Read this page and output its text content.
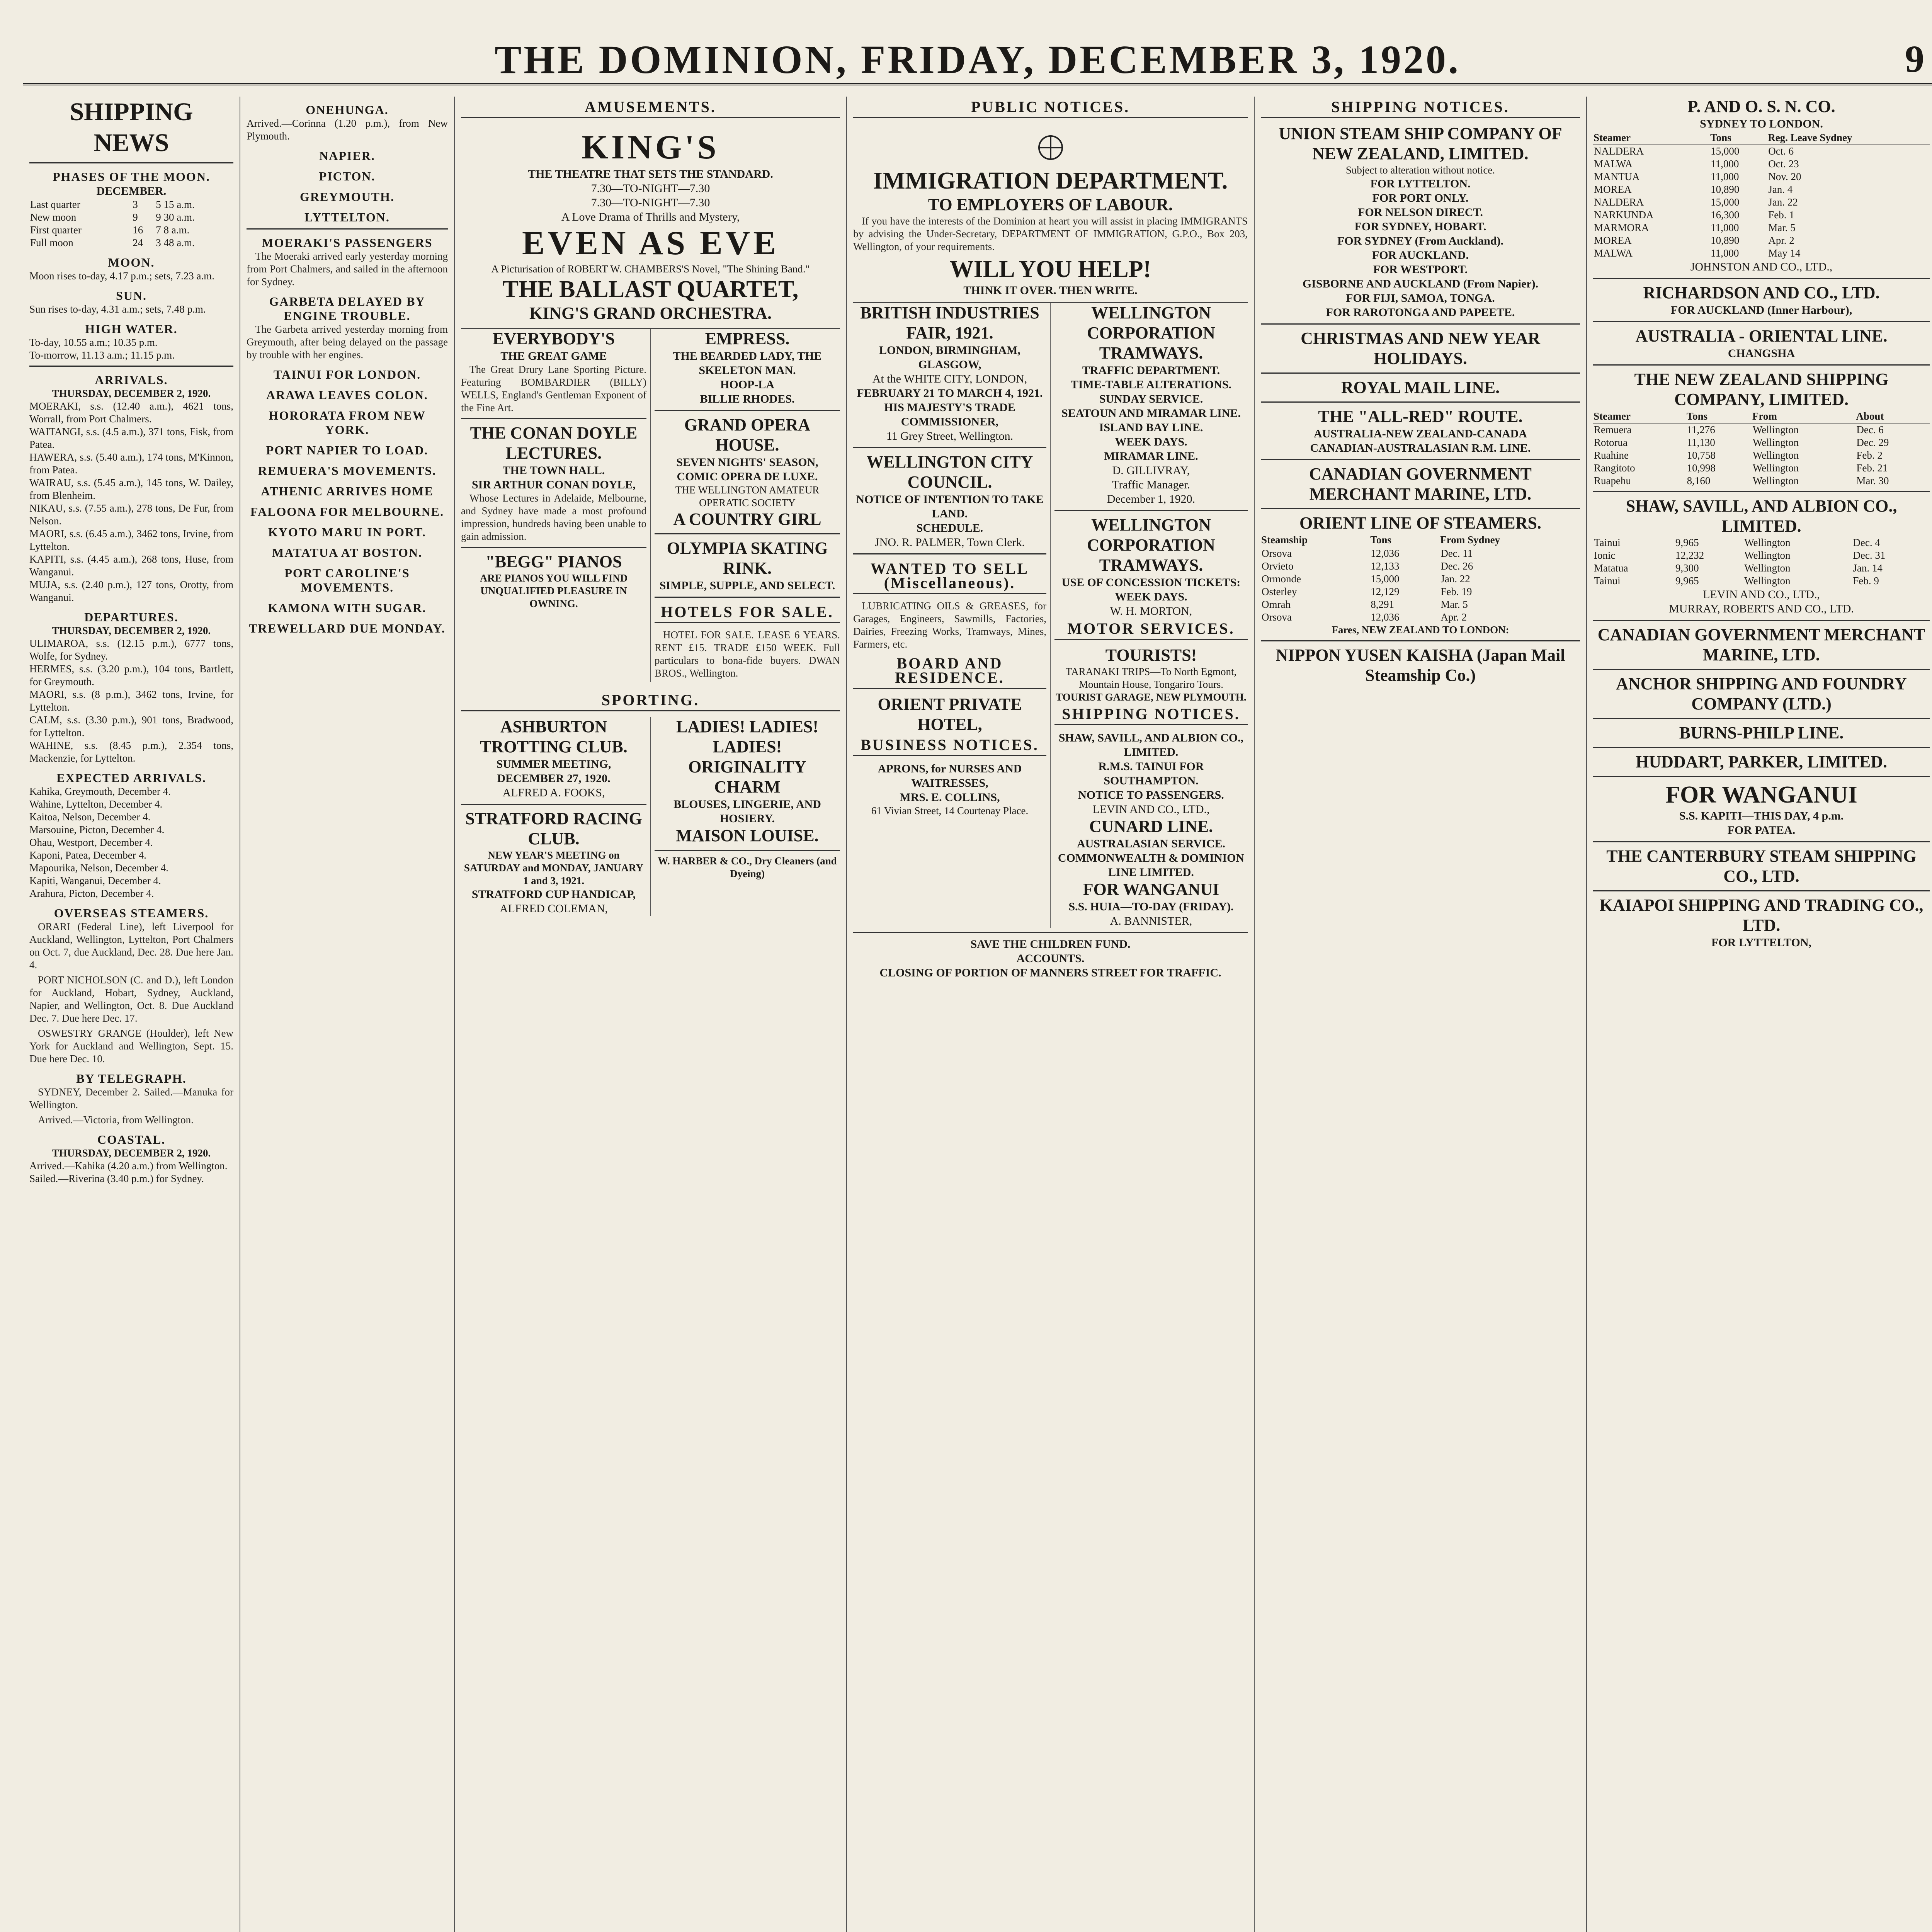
THE DOMINION, FRIDAY, DECEMBER 3, 1920.	9
SHIPPING NEWS
PHASES OF THE MOON.
DECEMBER.
Last quarter	3	5 15 a.m.
New moon	9	9 30 a.m.
First quarter	16	7 8 a.m.
Full moon	24	3 48 a.m.
MOON.
Moon rises to-day, 4.17 p.m.; sets, 7.23 a.m.
SUN.
Sun rises to-day, 4.31 a.m.; sets, 7.48 p.m.
HIGH WATER.
To-day, 10.55 a.m.; 10.35 p.m.
To-morrow, 11.13 a.m.; 11.15 p.m.
ARRIVALS.
THURSDAY, DECEMBER 2, 1920.
MOERAKI, s.s. (12.40 a.m.), 4621 tons, Worrall, from Port Chalmers.
WAITANGI, s.s. (4.5 a.m.), 371 tons, Fisk, from Patea.
HAWERA, s.s. (5.40 a.m.), 174 tons, M'Kinnon, from Patea.
WAIRAU, s.s. (5.45 a.m.), 145 tons, W. Dailey, from Blenheim.
NIKAU, s.s. (7.55 a.m.), 278 tons, De Fur, from Nelson.
MAORI, s.s. (6.45 a.m.), 3462 tons, Irvine, from Lyttelton.
KAPITI, s.s. (4.45 a.m.), 268 tons, Huse, from Wanganui.
MUJA, s.s. (2.40 p.m.), 127 tons, Orotty, from Wanganui.
DEPARTURES.
THURSDAY, DECEMBER 2, 1920.
ULIMAROA, s.s. (12.15 p.m.), 6777 tons, Wolfe, for Sydney.
HERMES, s.s. (3.20 p.m.), 104 tons, Bartlett, for Greymouth.
MAORI, s.s. (8 p.m.), 3462 tons, Irvine, for Lyttelton.
CALM, s.s. (3.30 p.m.), 901 tons, Bradwood, for Lyttelton.
WAHINE, s.s. (8.45 p.m.), 2.354 tons, Mackenzie, for Lyttelton.
EXPECTED ARRIVALS.
Kahika, Greymouth, December 4.
Wahine, Lyttelton, December 4.
Kaitoa, Nelson, December 4.
Marsouine, Picton, December 4.
Ohau, Westport, December 4.
Kaponi, Patea, December 4.
Mapourika, Nelson, December 4.
Kapiti, Wanganui, December 4.
Arahura, Picton, December 4.
OVERSEAS STEAMERS.

ORARI (Federal Line), left Liverpool for Auckland, Wellington, Lyttelton, Port Chalmers on Oct. 7, due Auckland, Dec. 28. Due here Jan. 4.

PORT NICHOLSON (C. and D.), left London for Auckland, Hobart, Sydney, Auckland, Napier, and Wellington, Oct. 8. Due Auckland Dec. 7. Due here Dec. 17.

OSWESTRY GRANGE (Houlder), left New York for Auckland and Wellington, Sept. 15. Due here Dec. 10.

BY TELEGRAPH.

SYDNEY, December 2. Sailed.—Manuka for Wellington.

Arrived.—Victoria, from Wellington.

COASTAL.
THURSDAY, DECEMBER 2, 1920.
Arrived.—Kahika (4.20 a.m.) from Wellington.
Sailed.—Riverina (3.40 p.m.) for Sydney.
ONEHUNGA.
Arrived.—Corinna (1.20 p.m.), from New Plymouth.
NAPIER.
PICTON.
GREYMOUTH.
LYTTELTON.
MOERAKI'S PASSENGERS

The Moeraki arrived early yesterday morning from Port Chalmers, and sailed in the afternoon for Sydney.

GARBETA DELAYED BY ENGINE TROUBLE.

The Garbeta arrived yesterday morning from Greymouth, after being delayed on the passage by trouble with her engines.

TAINUI FOR LONDON.
ARAWA LEAVES COLON.
HORORATA FROM NEW YORK.
PORT NAPIER TO LOAD.
REMUERA'S MOVEMENTS.
ATHENIC ARRIVES HOME
FALOONA FOR MELBOURNE.
KYOTO MARU IN PORT.
MATATUA AT BOSTON.
PORT CAROLINE'S MOVEMENTS.
KAMONA WITH SUGAR.
TREWELLARD DUE MONDAY.
AMUSEMENTS.
KING'S
THE THEATRE THAT SETS THE STANDARD.
7.30—TO-NIGHT—7.30
7.30—TO-NIGHT—7.30
A Love Drama of Thrills and Mystery,
EVEN AS EVE
A Picturisation of ROBERT W. CHAMBERS'S Novel, "The Shining Band."
THE BALLAST QUARTET,
KING'S GRAND ORCHESTRA.
EVERYBODY'S
THE GREAT GAME

The Great Drury Lane Sporting Picture. Featuring BOMBARDIER (BILLY) WELLS, England's Gentleman Exponent of the Fine Art.

THE CONAN DOYLE LECTURES.
THE TOWN HALL.
SIR ARTHUR CONAN DOYLE,

Whose Lectures in Adelaide, Melbourne, and Sydney have made a most profound impression, hundreds having been unable to gain admission.

"BEGG" PIANOS
ARE PIANOS YOU WILL FIND UNQUALIFIED PLEASURE IN OWNING.
EMPRESS.
THE BEARDED LADY, THE SKELETON MAN.
HOOP-LA
BILLIE RHODES.
GRAND OPERA HOUSE.
SEVEN NIGHTS' SEASON,
COMIC OPERA DE LUXE.
THE WELLINGTON AMATEUR OPERATIC SOCIETY
A COUNTRY GIRL
OLYMPIA SKATING RINK.
SIMPLE, SUPPLE, AND SELECT.
HOTELS FOR SALE.

HOTEL FOR SALE. LEASE 6 YEARS. RENT £15. TRADE £150 WEEK. Full particulars to bona-fide buyers. DWAN BROS., Wellington.

SPORTING.
ASHBURTON TROTTING CLUB.
SUMMER MEETING,
DECEMBER 27, 1920.
ALFRED A. FOOKS,
STRATFORD RACING CLUB.
NEW YEAR'S MEETING on SATURDAY and MONDAY, JANUARY 1 and 3, 1921.
STRATFORD CUP HANDICAP,
ALFRED COLEMAN,
LADIES! LADIES! LADIES!
ORIGINALITY
CHARM
BLOUSES, LINGERIE, AND HOSIERY.
MAISON LOUISE.
W. HARBER & CO., Dry Cleaners (and Dyeing)
PUBLIC NOTICES.
IMMIGRATION DEPARTMENT.
TO EMPLOYERS OF LABOUR.

If you have the interests of the Dominion at heart you will assist in placing IMMIGRANTS by advising the Under-Secretary, DEPARTMENT OF IMMIGRATION, G.P.O., Box 203, Wellington, of your requirements.

WILL YOU HELP!
THINK IT OVER. THEN WRITE.
BRITISH INDUSTRIES FAIR, 1921.
LONDON, BIRMINGHAM, GLASGOW,
At the WHITE CITY, LONDON,
FEBRUARY 21 TO MARCH 4, 1921.
HIS MAJESTY'S TRADE COMMISSIONER,
11 Grey Street, Wellington.
WELLINGTON CITY COUNCIL.
NOTICE OF INTENTION TO TAKE LAND.
SCHEDULE.
JNO. R. PALMER, Town Clerk.
WANTED TO SELL (Miscellaneous).

LUBRICATING OILS & GREASES, for Garages, Engineers, Sawmills, Factories, Dairies, Freezing Works, Tramways, Mines, Farmers, etc.

BOARD AND RESIDENCE.
ORIENT PRIVATE HOTEL,
BUSINESS NOTICES.
APRONS, for NURSES AND WAITRESSES,
MRS. E. COLLINS,
61 Vivian Street, 14 Courtenay Place.
WELLINGTON CORPORATION TRAMWAYS.
TRAFFIC DEPARTMENT.
TIME-TABLE ALTERATIONS.
SUNDAY SERVICE.
SEATOUN AND MIRAMAR LINE.
ISLAND BAY LINE.
WEEK DAYS.
MIRAMAR LINE.
D. GILLIVRAY,
Traffic Manager.
December 1, 1920.
WELLINGTON CORPORATION TRAMWAYS.
USE OF CONCESSION TICKETS: WEEK DAYS.
W. H. MORTON,
MOTOR SERVICES.
TOURISTS!
TARANAKI TRIPS—To North Egmont, Mountain House, Tongariro Tours.
TOURIST GARAGE, NEW PLYMOUTH.
SHIPPING NOTICES.
SHAW, SAVILL, AND ALBION CO., LIMITED.
R.M.S. TAINUI FOR SOUTHAMPTON.
NOTICE TO PASSENGERS.
LEVIN AND CO., LTD.,
CUNARD LINE.
AUSTRALASIAN SERVICE.
COMMONWEALTH & DOMINION LINE LIMITED.
FOR WANGANUI
S.S. HUIA—TO-DAY (FRIDAY).
A. BANNISTER,
SAVE THE CHILDREN FUND.
ACCOUNTS.
CLOSING OF PORTION OF MANNERS STREET FOR TRAFFIC.
SHIPPING NOTICES.
UNION STEAM SHIP COMPANY OF NEW ZEALAND, LIMITED.
Subject to alteration without notice.
FOR LYTTELTON.
FOR PORT ONLY.
FOR NELSON DIRECT.
FOR SYDNEY, HOBART.
FOR SYDNEY (From Auckland).
FOR AUCKLAND.
FOR WESTPORT.
GISBORNE AND AUCKLAND (From Napier).
FOR FIJI, SAMOA, TONGA.
FOR RAROTONGA AND PAPEETE.
CHRISTMAS AND NEW YEAR HOLIDAYS.
ROYAL MAIL LINE.
THE "ALL-RED" ROUTE.
AUSTRALIA-NEW ZEALAND-CANADA
CANADIAN-AUSTRALASIAN R.M. LINE.
CANADIAN GOVERNMENT MERCHANT MARINE, LTD.
ORIENT LINE OF STEAMERS.
Steamship	Tons	From Sydney
Orsova	12,036	Dec. 11
Orvieto	12,133	Dec. 26
Ormonde	15,000	Jan. 22
Osterley	12,129	Feb. 19
Omrah	8,291	Mar. 5
Orsova	12,036	Apr. 2
Fares, NEW ZEALAND TO LONDON:
NIPPON YUSEN KAISHA (Japan Mail Steamship Co.)
P. AND O. S. N. CO.
SYDNEY TO LONDON.
Steamer	Tons	Reg. Leave Sydney
NALDERA	15,000	Oct. 6
MALWA	11,000	Oct. 23
MANTUA	11,000	Nov. 20
MOREA	10,890	Jan. 4
NALDERA	15,000	Jan. 22
NARKUNDA	16,300	Feb. 1
MARMORA	11,000	Mar. 5
MOREA	10,890	Apr. 2
MALWA	11,000	May 14
JOHNSTON AND CO., LTD.,
RICHARDSON AND CO., LTD.
FOR AUCKLAND (Inner Harbour),
AUSTRALIA - ORIENTAL LINE.
CHANGSHA
THE NEW ZEALAND SHIPPING COMPANY, LIMITED.
Steamer	Tons	From	About
Remuera	11,276	Wellington	Dec. 6
Rotorua	11,130	Wellington	Dec. 29
Ruahine	10,758	Wellington	Feb. 2
Rangitoto	10,998	Wellington	Feb. 21
Ruapehu	8,160	Wellington	Mar. 30
SHAW, SAVILL, AND ALBION CO., LIMITED.
Tainui	9,965	Wellington	Dec. 4
Ionic	12,232	Wellington	Dec. 31
Matatua	9,300	Wellington	Jan. 14
Tainui	9,965	Wellington	Feb. 9
LEVIN AND CO., LTD.,
MURRAY, ROBERTS AND CO., LTD.
CANADIAN GOVERNMENT MERCHANT MARINE, LTD.
ANCHOR SHIPPING AND FOUNDRY COMPANY (LTD.)
BURNS-PHILP LINE.
HUDDART, PARKER, LIMITED.
FOR WANGANUI
S.S. KAPITI—THIS DAY, 4 p.m.
FOR PATEA.
THE CANTERBURY STEAM SHIPPING CO., LTD.
KAIAPOI SHIPPING AND TRADING CO., LTD.
FOR LYTTELTON,
